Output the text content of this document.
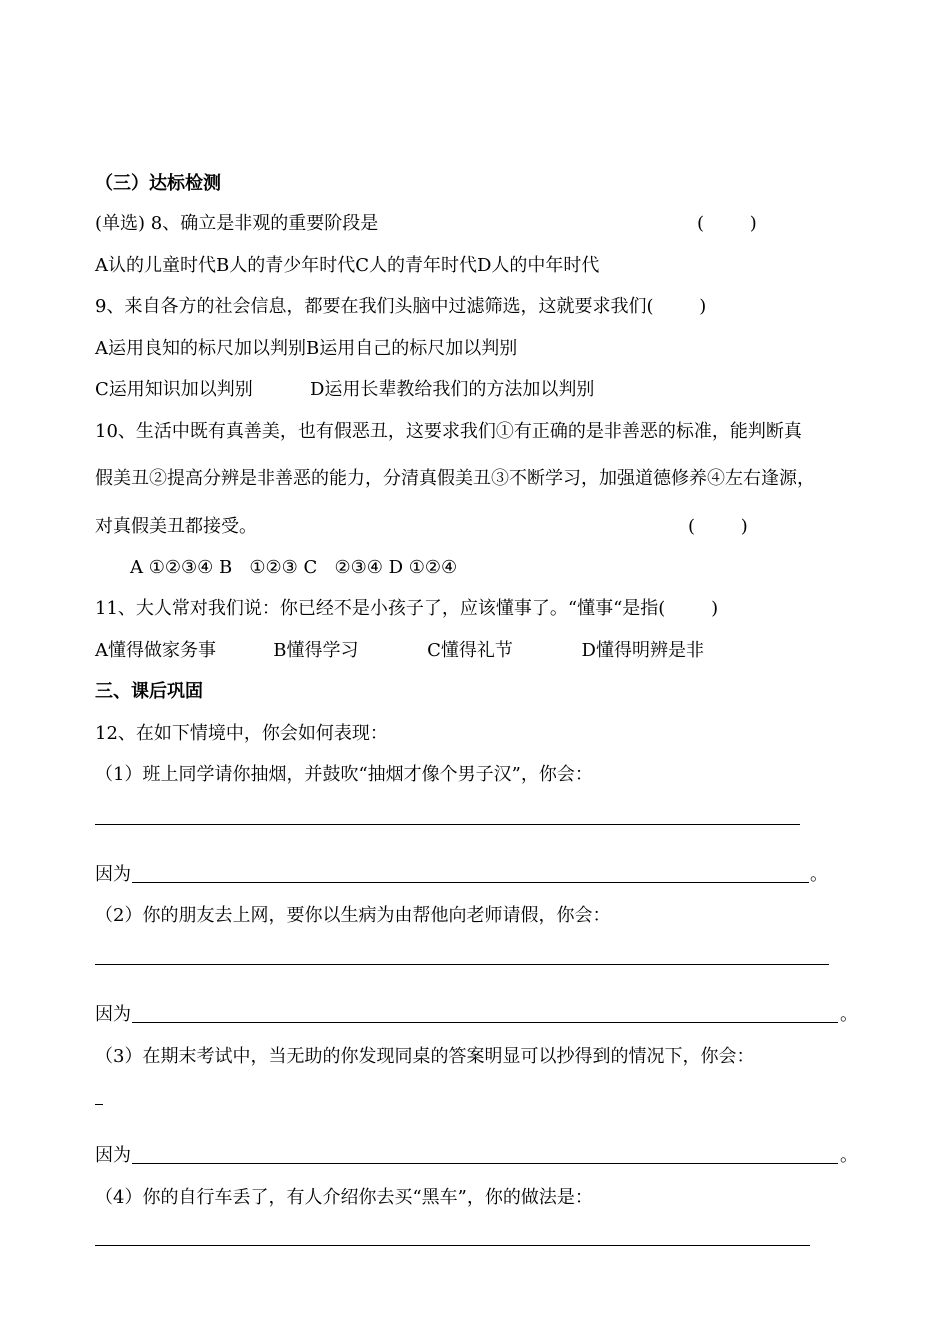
（三）达标检测
(单选) 8、确立是非观的重要阶段是	(        )
A认的儿童时代B人的青少年时代C人的青年时代D人的中年时代
9、来自各方的社会信息，都要在我们头脑中过滤筛选，这就要求我们(        )
A运用良知的标尺加以判别B运用自己的标尺加以判别
C运用知识加以判别          D运用长辈教给我们的方法加以判别
10、生活中既有真善美，也有假恶丑，这要求我们①有正确的是非善恶的标准，能判断真
假美丑②提高分辨是非善恶的能力，分清真假美丑③不断学习，加强道德修养④左右逢源，
对真假美丑都接受。	(        )
A ①②③④ B   ①②③ C   ②③④ D ①②④
11、大人常对我们说：你已经不是小孩子了，应该懂事了。“懂事“是指(        )
A懂得做家务事          B懂得学习            C懂得礼节            D懂得明辨是非
三、课后巩固
12、在如下情境中，你会如何表现：
（1）班上同学请你抽烟，并鼓吹“抽烟才像个男子汉”，你会：
因为	。
（2）你的朋友去上网，要你以生病为由帮他向老师请假，你会：
因为	。
（3）在期末考试中，当无助的你发现同桌的答案明显可以抄得到的情况下，你会：
因为	。
（4）你的自行车丢了，有人介绍你去买“黑车”，你的做法是：
